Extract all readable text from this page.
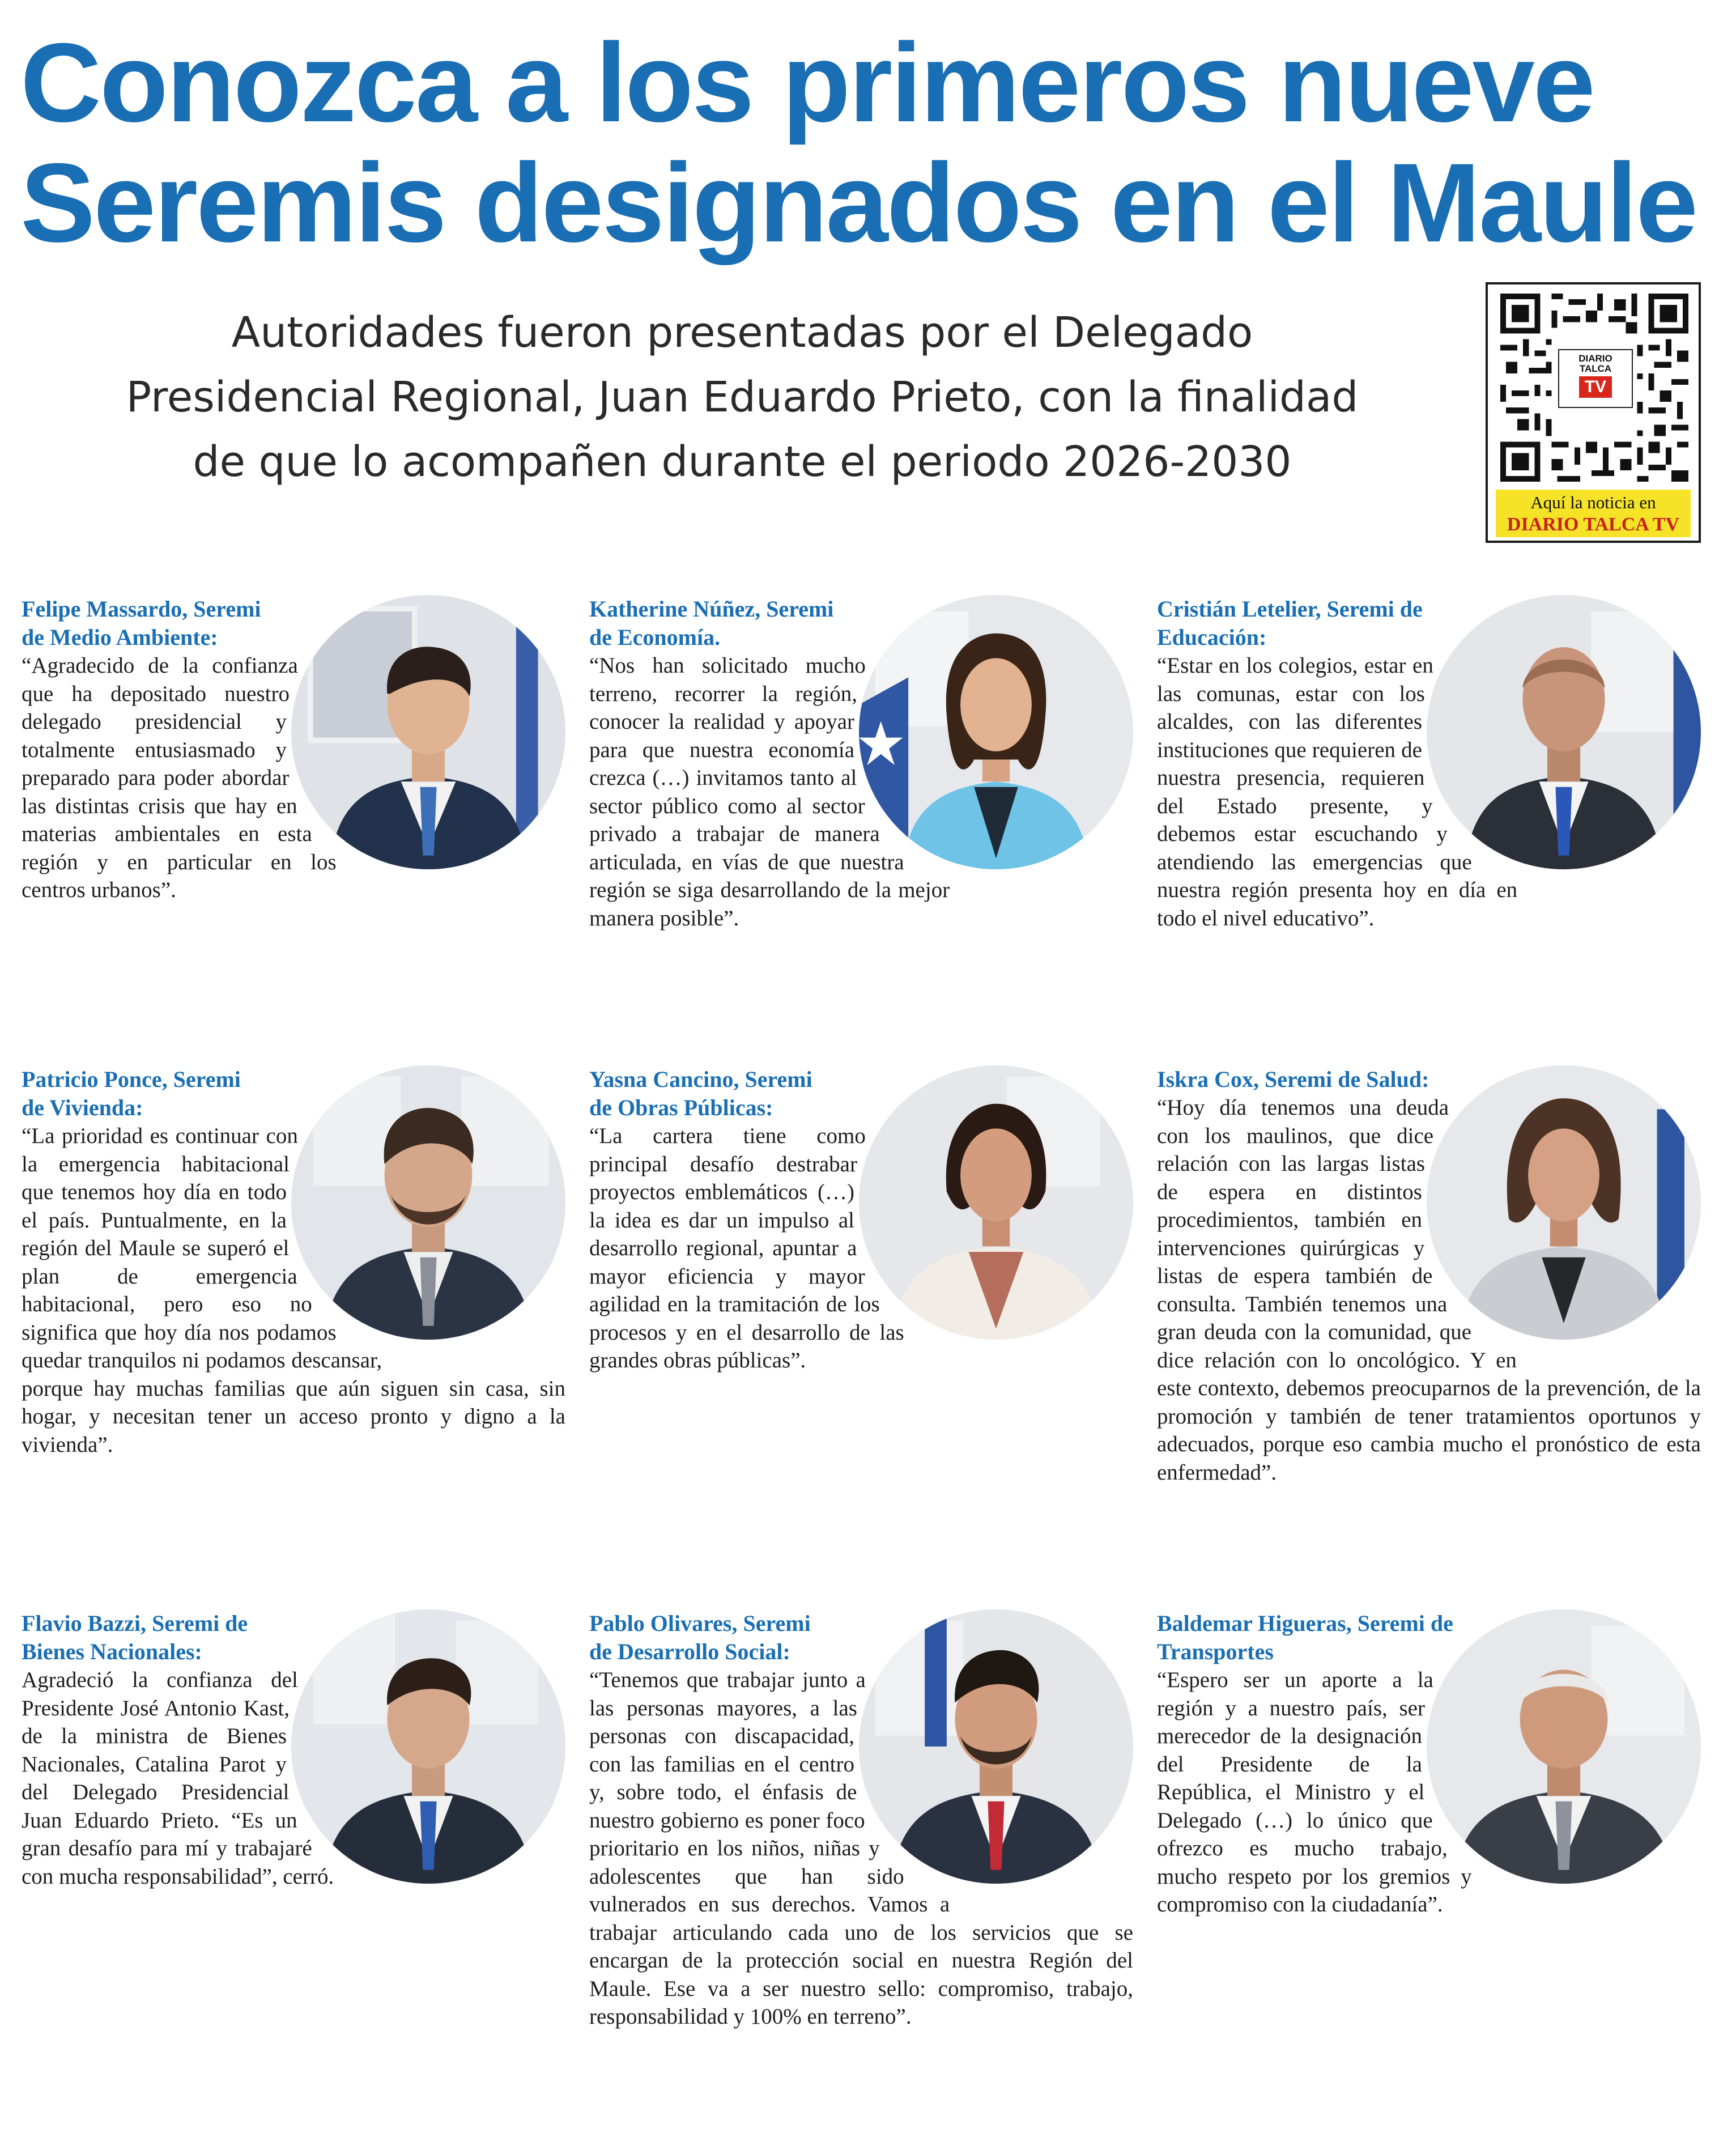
Conozca a los primeros nueve
Seremis designados en el Maule

Autoridades fueron presentadas por el Delegado
Presidencial Regional, Juan Eduardo Prieto, con la finalidad
de que lo acompañen durante el periodo 2026-2030

DIARIO
TALCA
TV
Aquí la noticia en
DIARIO TALCA TV

Felipe Massardo, Seremi
de Medio Ambiente:

“Agradecido de la confianza que ha depositado nuestro delegado presidencial y totalmente entusiasmado y preparado para poder abordar las distintas crisis que hay en materias ambientales en esta región y en particular en los centros urbanos”.

Katherine Núñez, Seremi
de Economía.

“Nos han solicitado mucho terreno, recorrer la región, conocer la realidad y apoyar para que nuestra economía crezca (…) invitamos tanto al sector público como al sector privado a trabajar de manera articulada, en vías de que nuestra región se siga desarrollando de la mejor manera posible”.

Cristián Letelier, Seremi de
Educación:

“Estar en los colegios, estar en las comunas, estar con los alcaldes, con las diferentes instituciones que requieren de nuestra presencia, requieren del Estado presente, y debemos estar escuchando y atendiendo las emergencias que nuestra región presenta hoy en día en todo el nivel educativo”.

Patricio Ponce, Seremi
de Vivienda:

“La prioridad es continuar con la emergencia habitacional que tenemos hoy día en todo el país. Puntualmente, en la región del Maule se superó el plan de emergencia habitacional, pero eso no significa que hoy día nos podamos quedar tranquilos ni podamos descansar, porque hay muchas familias que aún siguen sin casa, sin hogar, y necesitan tener un acceso pronto y digno a la vivienda”.

Yasna Cancino, Seremi
de Obras Públicas:

“La cartera tiene como principal desafío destrabar proyectos emblemáticos (…) la idea es dar un impulso al desarrollo regional, apuntar a mayor eficiencia y mayor agilidad en la tramitación de los procesos y en el desarrollo de las grandes obras públicas”.

Iskra Cox, Seremi de Salud:

“Hoy día tenemos una deuda con los maulinos, que dice relación con las largas listas de espera en distintos procedimientos, también en intervenciones quirúrgicas y listas de espera también de consulta. También tenemos una gran deuda con la comunidad, que dice relación con lo oncológico. Y en este contexto, debemos preocuparnos de la prevención, de la promoción y también de tener tratamientos oportunos y adecuados, porque eso cambia mucho el pronóstico de esta enfermedad”.

Flavio Bazzi, Seremi de
Bienes Nacionales:

Agradeció la confianza del Presidente José Antonio Kast, de la ministra de Bienes Nacionales, Catalina Parot y del Delegado Presidencial Juan Eduardo Prieto. “Es un gran desafío para mí y trabajaré con mucha responsabilidad”, cerró.

Pablo Olivares, Seremi
de Desarrollo Social:

“Tenemos que trabajar junto a las personas mayores, a las personas con discapacidad, con las familias en el centro y, sobre todo, el énfasis de nuestro gobierno es poner foco prioritario en los niños, niñas y adolescentes que han sido vulnerados en sus derechos. Vamos a trabajar articulando cada uno de los servicios que se encargan de la protección social en nuestra Región del Maule. Ese va a ser nuestro sello: compromiso, trabajo, responsabilidad y 100% en terreno”.

Baldemar Higueras, Seremi de Transportes

“Espero ser un aporte a la región y a nuestro país, ser merecedor de la designación del Presidente de la República, el Ministro y el Delegado (…) lo único que ofrezco es mucho trabajo, mucho respeto por los gremios y compromiso con la ciudadanía”.
